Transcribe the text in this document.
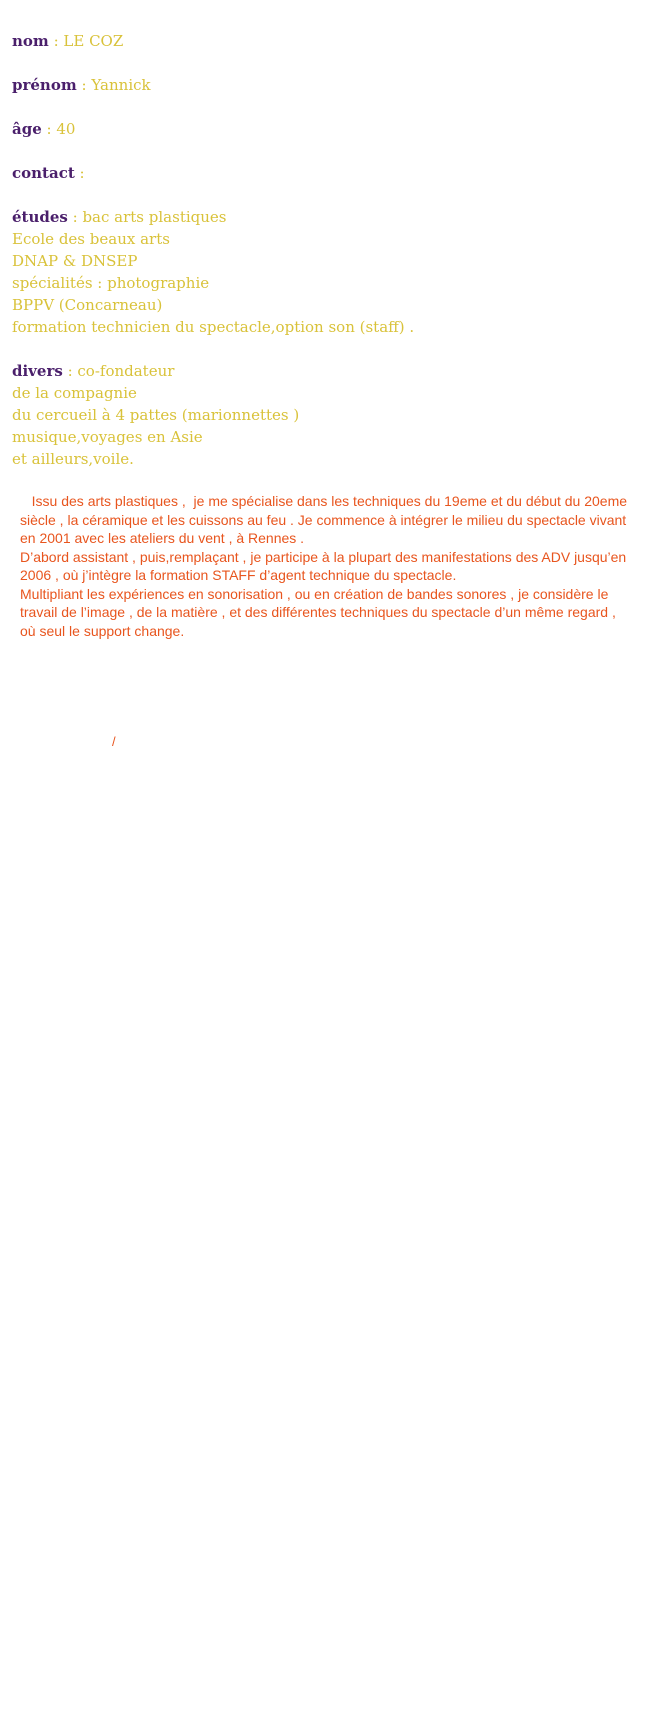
nom : LE COZ

prénom : Yannick

âge : 40

contact :

études : bac arts plastiques

Ecole des beaux arts

DNAP & DNSEP

spécialités : photographie

BPPV (Concarneau)

formation technicien du spectacle,option son (staff) .

divers : co-fondateur

de la compagnie

du cercueil à 4 pattes (marionnettes )

musique,voyages en Asie

et ailleurs,voile.

Issu des arts plastiques ,  je me spécialise dans les techniques du 19eme et du début du 20eme siècle , la céramique et les cuissons au feu . Je commence à intégrer le milieu du spectacle vivant en 2001 avec les ateliers du vent , à Rennes .

D’abord assistant , puis,remplaçant , je participe à la plupart des manifestations des ADV jusqu’en 2006 , où j’intègre la formation STAFF d’agent technique du spectacle.

Multipliant les expériences en sonorisation , ou en création de bandes sonores , je considère le travail de l’image , de la matière , et des différentes techniques du spectacle d’un même regard , où seul le support change.

/
